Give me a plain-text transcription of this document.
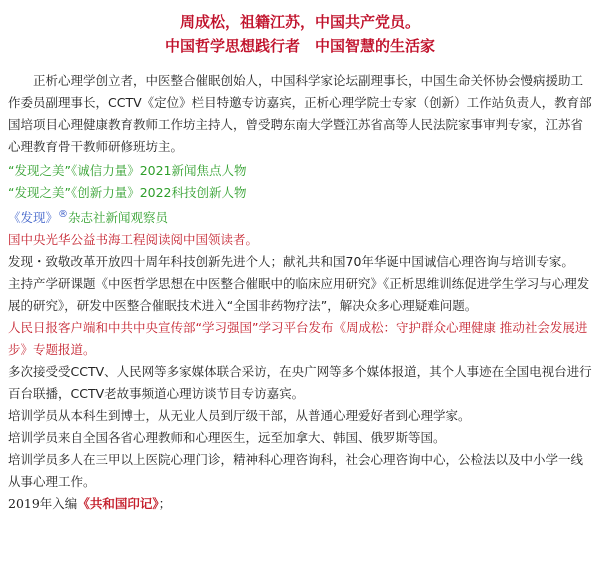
周成松，祖籍江苏，中国共产党员。

中国哲学思想践行者　中国智慧的生活家

正析心理学创立者，中医整合催眠创始人，中国科学家论坛副理事长，中国生命关怀协会慢病援助工作委员副理事长，CCTV《定位》栏目特邀专访嘉宾，正析心理学院士专家（创新）工作站负责人，教育部国培项目心理健康教育教师工作坊主持人，曾受聘东南大学暨江苏省高等人民法院家事审判专家，江苏省心理教育骨干教师研修班坊主。

“发现之美”《诚信力量》2021新闻焦点人物

“发现之美”《创新力量》2022科技创新人物

《发现》®杂志社新闻观察员

国中央光华公益书海工程阅读阅中国领读者。

发现・致敬改革开放四十周年科技创新先进个人；献礼共和国70年华诞中国诚信心理咨询与培训专家。

主持产学研课题《中医哲学思想在中医整合催眠中的临床应用研究》《正析思维训练促进学生学习与心理发展的研究》，研发中医整合催眠技术进入“全国非药物疗法”，解决众多心理疑难问题。

人民日报客户端和中共中央宣传部“学习强国”学习平台发布《周成松：守护群众心理健康 推动社会发展进步》专题报道。

多次接受受CCTV、人民网等多家媒体联合采访，在央广网等多个媒体报道，其个人事迹在全国电视台进行百台联播，CCTV老故事频道心理访谈节目专访嘉宾。

培训学员从本科生到博士，从无业人员到厅级干部，从普通心理爱好者到心理学家。

培训学员来自全国各省心理教师和心理医生，远至加拿大、韩国、俄罗斯等国。

培训学员多人在三甲以上医院心理门诊，精神科心理咨询科，社会心理咨询中心，公检法以及中小学一线从事心理工作。

2019年入编《共和国印记》；
